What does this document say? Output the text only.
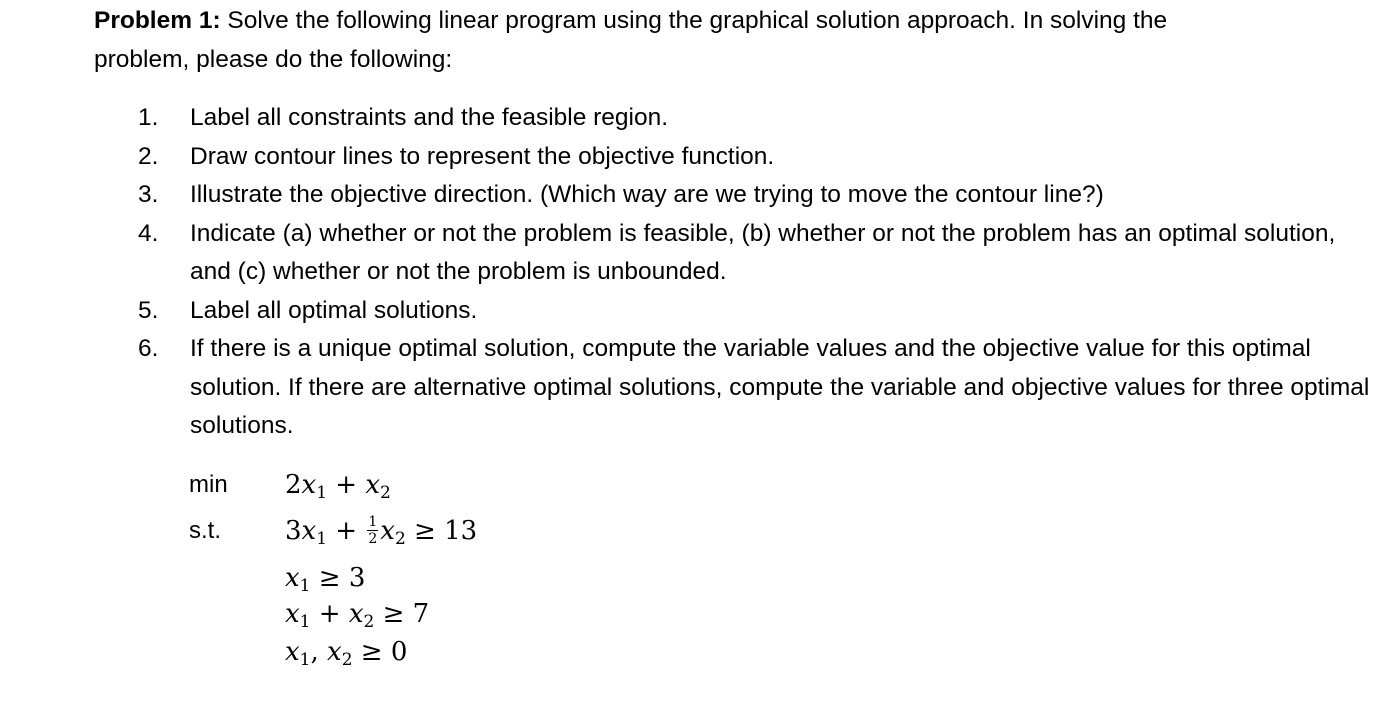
Problem 1: Solve the following linear program using the graphical solution approach. In solving the
problem, please do the following:
1. Label all constraints and the feasible region.
2. Draw contour lines to represent the objective function.
3. Illustrate the objective direction. (Which way are we trying to move the contour line?)
4. Indicate (a) whether or not the problem is feasible, (b) whether or not the problem has an optimal solution, and (c) whether or not the problem is unbounded.
5. Label all optimal solutions.
6. If there is a unique optimal solution, compute the variable values and the objective value for this optimal solution. If there are alternative optimal solutions, compute the variable and objective values for three optimal solutions.
min
s.t.
$2x_1 + x_2$
$3x_1 + \frac{1}{2} x_2 \ge 13$
$x_1 \ge 3$
$x_1 + x_2 \ge 7$
$x_1$, $x_2 \ge 0$
